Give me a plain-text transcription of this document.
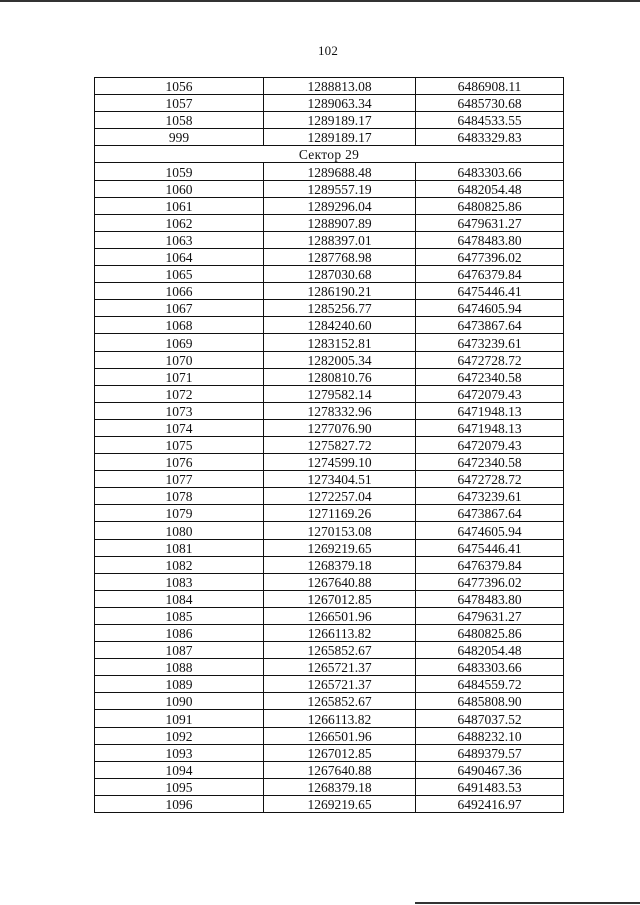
102
1056	1288813.08	6486908.11
1057	1289063.34	6485730.68
1058	1289189.17	6484533.55
999	1289189.17	6483329.83
Сектор 29		
1059	1289688.48	6483303.66
1060	1289557.19	6482054.48
1061	1289296.04	6480825.86
1062	1288907.89	6479631.27
1063	1288397.01	6478483.80
1064	1287768.98	6477396.02
1065	1287030.68	6476379.84
1066	1286190.21	6475446.41
1067	1285256.77	6474605.94
1068	1284240.60	6473867.64
1069	1283152.81	6473239.61
1070	1282005.34	6472728.72
1071	1280810.76	6472340.58
1072	1279582.14	6472079.43
1073	1278332.96	6471948.13
1074	1277076.90	6471948.13
1075	1275827.72	6472079.43
1076	1274599.10	6472340.58
1077	1273404.51	6472728.72
1078	1272257.04	6473239.61
1079	1271169.26	6473867.64
1080	1270153.08	6474605.94
1081	1269219.65	6475446.41
1082	1268379.18	6476379.84
1083	1267640.88	6477396.02
1084	1267012.85	6478483.80
1085	1266501.96	6479631.27
1086	1266113.82	6480825.86
1087	1265852.67	6482054.48
1088	1265721.37	6483303.66
1089	1265721.37	6484559.72
1090	1265852.67	6485808.90
1091	1266113.82	6487037.52
1092	1266501.96	6488232.10
1093	1267012.85	6489379.57
1094	1267640.88	6490467.36
1095	1268379.18	6491483.53
1096	1269219.65	6492416.97
